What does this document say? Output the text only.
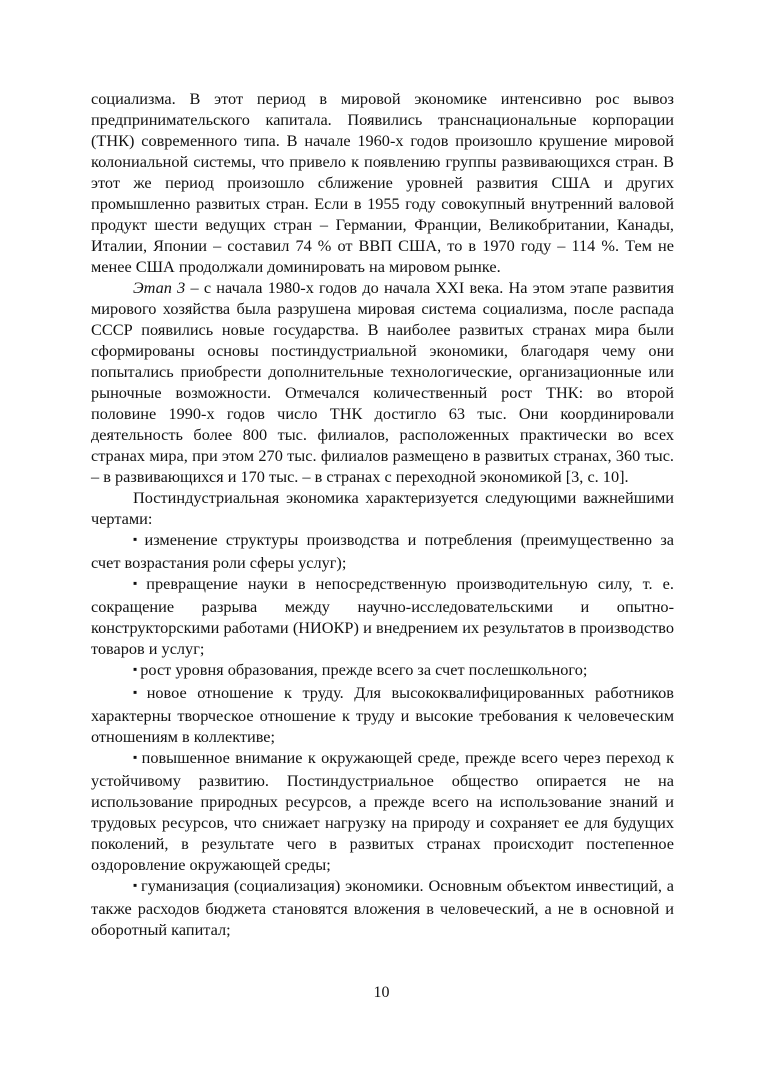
социализма. В этот период в мировой экономике интенсивно рос вывоз предпринимательского капитала. Появились транснациональные корпорации (ТНК) современного типа. В начале 1960-х годов произошло крушение мировой колониальной системы, что привело к появлению группы развивающихся стран. В этот же период произошло сближение уровней развития США и других промышленно развитых стран. Если в 1955 году совокупный внутренний валовой продукт шести ведущих стран – Германии, Франции, Великобритании, Канады, Италии, Японии – составил 74 % от ВВП США, то в 1970 году – 114 %. Тем не менее США продолжали доминировать на мировом рынке.

Этап 3 – с начала 1980-х годов до начала XXI века. На этом этапе развития мирового хозяйства была разрушена мировая система социализма, после распада СССР появились новые государства. В наиболее развитых странах мира были сформированы основы постиндустриальной экономики, благодаря чему они попытались приобрести дополнительные технологические, организационные или рыночные возможности. Отмечался количественный рост ТНК: во второй половине 1990-х годов число ТНК достигло 63 тыс. Они координировали деятельность более 800 тыс. филиалов, расположенных практически во всех странах мира, при этом 270 тыс. филиалов размещено в развитых странах, 360 тыс. – в развивающихся и 170 тыс. – в странах с переходной экономикой [3, с. 10].

Постиндустриальная экономика характеризуется следующими важнейшими чертами:

▪ изменение структуры производства и потребления (преимущественно за счет возрастания роли сферы услуг);

▪ превращение науки в непосредственную производительную силу, т. е. сокращение разрыва между научно-исследовательскими и опытно-конструкторскими работами (НИОКР) и внедрением их результатов в производство товаров и услуг;

▪ рост уровня образования, прежде всего за счет послешкольного;

▪ новое отношение к труду. Для высококвалифицированных работников характерны творческое отношение к труду и высокие требования к человеческим отношениям в коллективе;

▪ повышенное внимание к окружающей среде, прежде всего через переход к устойчивому развитию. Постиндустриальное общество опирается не на использование природных ресурсов, а прежде всего на использование знаний и трудовых ресурсов, что снижает нагрузку на природу и сохраняет ее для будущих поколений, в результате чего в развитых странах происходит постепенное оздоровление окружающей среды;

▪ гуманизация (социализация) экономики. Основным объектом инвестиций, а также расходов бюджета становятся вложения в человеческий, а не в основной и оборотный капитал;

10
